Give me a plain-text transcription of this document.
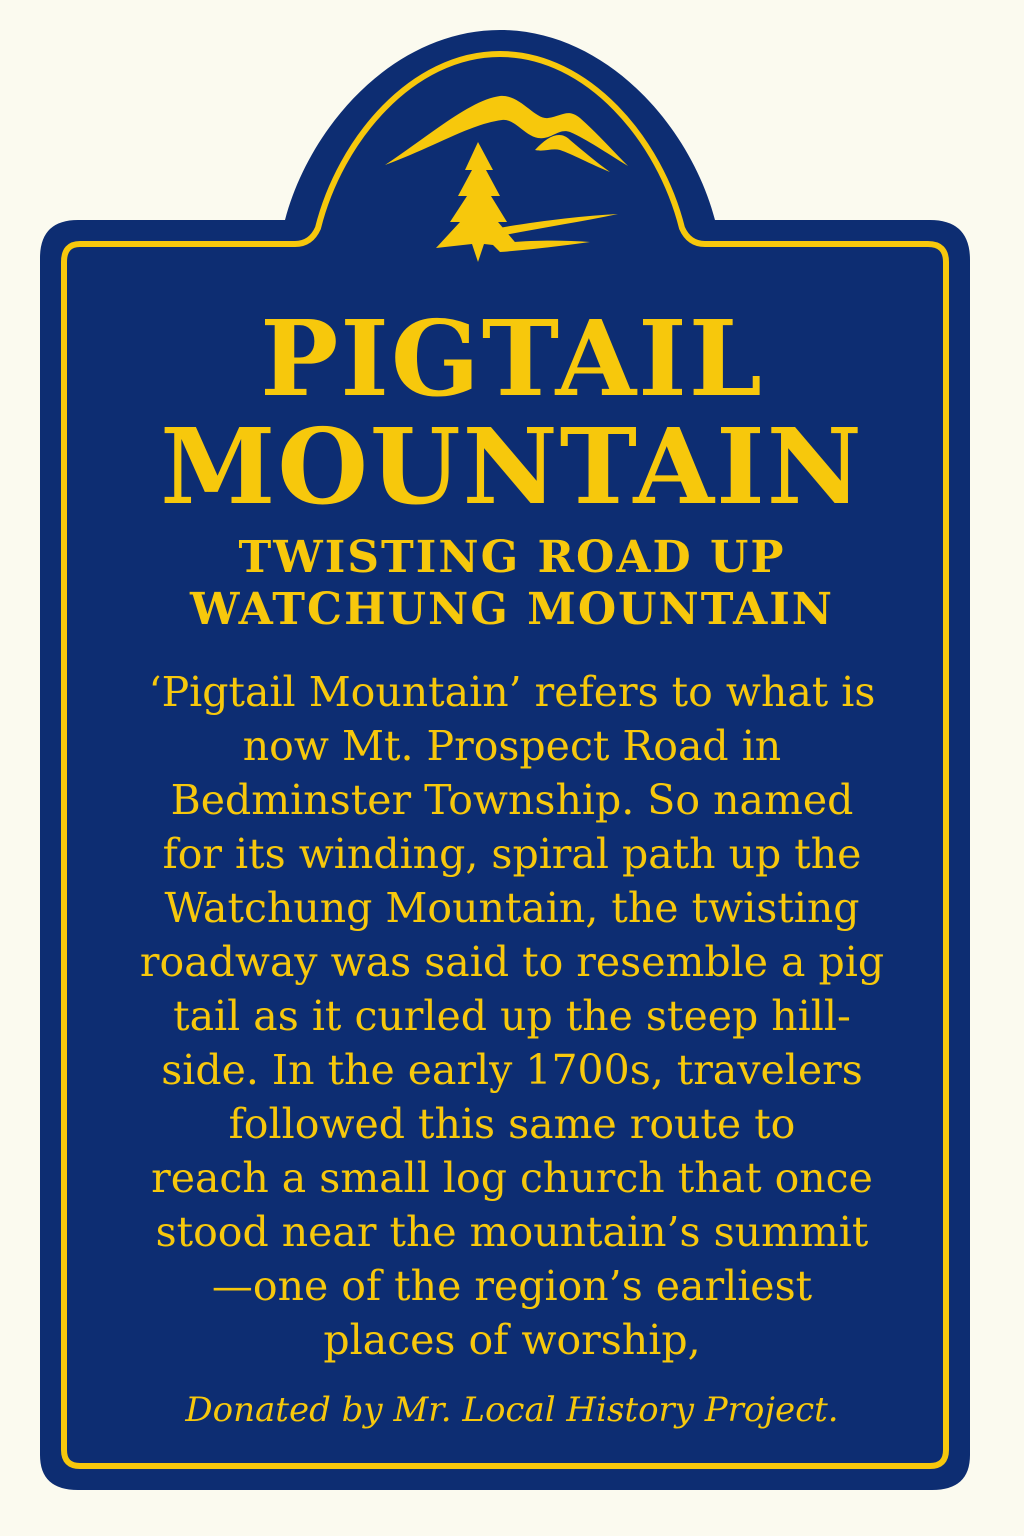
PIGTAIL
MOUNTAIN
TWISTING ROAD UP
WATCHUNG MOUNTAIN
‘Pigtail Mountain’ refers to what is
now Mt. Prospect Road in
Bedminster Township. So named
for its winding, spiral path up the
Watchung Mountain, the twisting
roadway was said to resemble a pig
tail as it curled up the steep hill-
side. In the early 1700s, travelers
followed this same route to
reach a small log church that once
stood near the mountain’s summit
—one of the region’s earliest
places of worship,
Donated by Mr. Local History Project.
